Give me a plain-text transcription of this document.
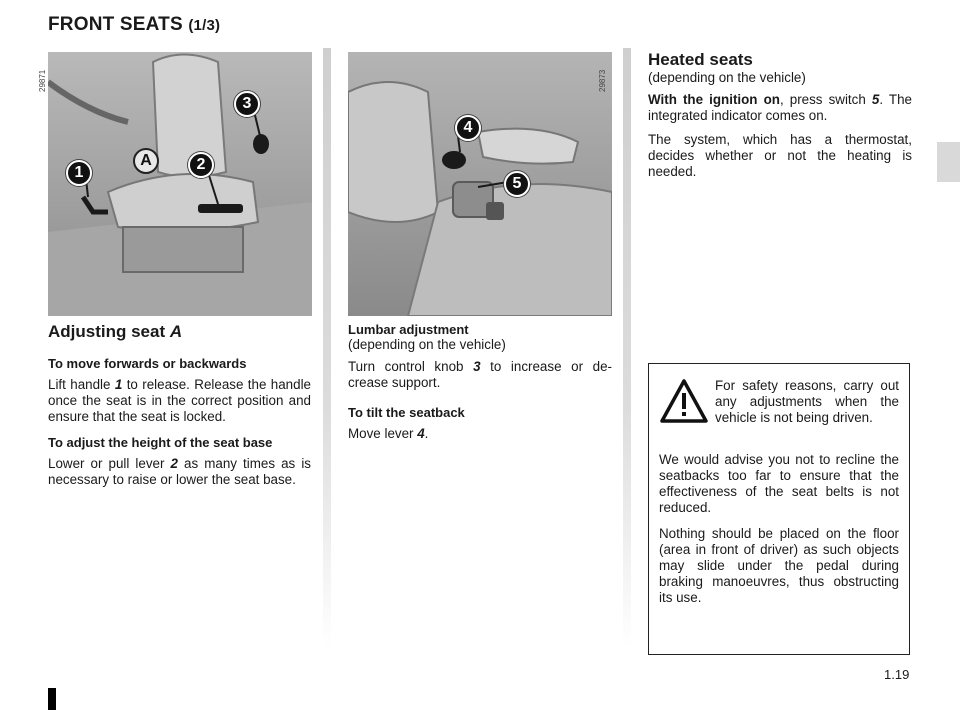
FRONT SEATS (1/3)
29871
3
A	2
1
29873
4
5
Adjusting seat A
To move forwards or backwards

Lift handle 1 to release. Release the handle once the seat is in the correct position and ensure that the seat is locked.

To adjust the height of the seat base

Lower or pull lever 2 as many times as is necessary to raise or lower the seat base.

Lumbar adjustment
(depending on the vehicle)

Turn control knob 3 to increase or de- crease support.

To tilt the seatback

Move lever 4.

Heated seats
(depending on the vehicle)

With the ignition on, press switch 5. The integrated indicator comes on.

The system, which has a thermostat, decides whether or not the heating is needed.

For safety reasons, carry out any adjustments when the vehicle is not being driven.

We would advise you not to recline the seatbacks too far to ensure that the effectiveness of the seat belts is not reduced.

Nothing should be placed on the floor (area in front of driver) as such objects may slide under the pedal during braking manoeuvres, thus obstructing its use.

1.19
